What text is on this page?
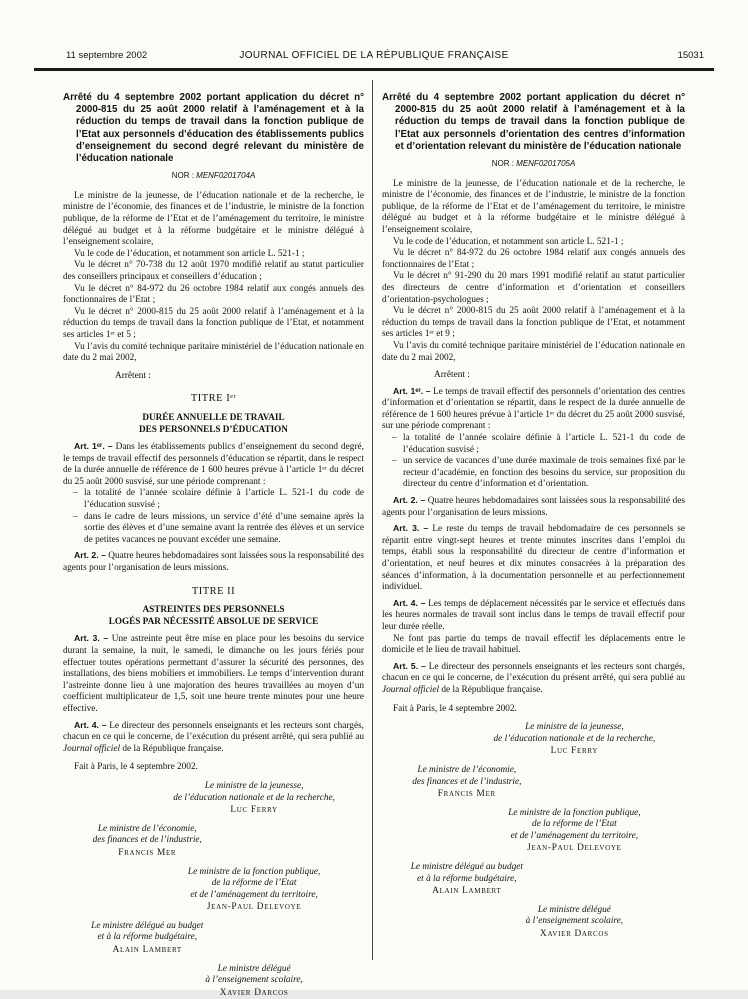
11 septembre 2002	JOURNAL OFFICIEL DE LA RÉPUBLIQUE FRANÇAISE	15031

Arrêté du 4 septembre 2002 portant application du décret n° 2000-815 du 25 août 2000 relatif à l’aménagement et à la réduction du temps de travail dans la fonction publique de l’Etat aux personnels d’éducation des établissements publics d’enseignement du second degré relevant du ministère de l’éducation nationale

NOR : MENF0201704A

Le ministre de la jeunesse, de l’éducation nationale et de la recherche, le ministre de l’économie, des finances et de l’industrie, le ministre de la fonction publique, de la réforme de l’Etat et de l’aménagement du territoire, le ministre délégué au budget et à la réforme budgétaire et le ministre délégué à l’enseignement scolaire,

Vu le code de l’éducation, et notamment son article L. 521-1 ;

Vu le décret n° 70-738 du 12 août 1970 modifié relatif au statut particulier des conseillers principaux et conseillers d’éducation ;

Vu le décret n° 84-972 du 26 octobre 1984 relatif aux congés annuels des fonctionnaires de l’Etat ;

Vu le décret n° 2000-815 du 25 août 2000 relatif à l’aménagement et à la réduction du temps de travail dans la fonction publique de l’Etat, et notamment ses articles 1ᵉʳ et 5 ;

Vu l’avis du comité technique paritaire ministériel de l’éducation nationale en date du 2 mai 2002,

Arrêtent :

TITRE Iᵉʳ
DURÉE ANNUELLE DE TRAVAIL
DES PERSONNELS D’ÉDUCATION

Art. 1ᵉʳ. – Dans les établissements publics d’enseignement du second degré, le temps de travail effectif des personnels d’éducation se répartit, dans le respect de la durée annuelle de référence de 1 600 heures prévue à l’article 1ᵉʳ du décret du 25 août 2000 susvisé, sur une période comprenant :

– la totalité de l’année scolaire définie à l’article L. 521-1 du code de l’éducation susvisé ;
– dans le cadre de leurs missions, un service d’été d’une semaine après la sortie des élèves et d’une semaine avant la rentrée des élèves et un service de petites vacances ne pouvant excéder une semaine.

Art. 2. – Quatre heures hebdomadaires sont laissées sous la responsabilité des agents pour l’organisation de leurs missions.

TITRE II
ASTREINTES DES PERSONNELS
LOGÉS PAR NÉCESSITÉ ABSOLUE DE SERVICE

Art. 3. – Une astreinte peut être mise en place pour les besoins du service durant la semaine, la nuit, le samedi, le dimanche ou les jours fériés pour effectuer toutes opérations permettant d’assurer la sécurité des personnes, des installations, des biens mobiliers et immobiliers. Le temps d’intervention durant l’astreinte donne lieu à une majoration des heures travaillées au moyen d’un coefficient multiplicateur de 1,5, soit une heure trente minutes pour une heure effective.

Art. 4. – Le directeur des personnels enseignants et les recteurs sont chargés, chacun en ce qui le concerne, de l’exécution du présent arrêté, qui sera publié au Journal officiel de la République française.

Fait à Paris, le 4 septembre 2002.

Le ministre de la jeunesse,
de l’éducation nationale et de la recherche,
Luc Ferry
Le ministre de l’économie,
des finances et de l’industrie,
Francis Mer
Le ministre de la fonction publique,
de la réforme de l’Etat
et de l’aménagement du territoire,
Jean-Paul Delevoye
Le ministre délégué au budget
et à la réforme budgétaire,
Alain Lambert
Le ministre délégué
à l’enseignement scolaire,
Xavier Darcos

Arrêté du 4 septembre 2002 portant application du décret n° 2000-815 du 25 août 2000 relatif à l’aménagement et à la réduction du temps de travail dans la fonction publique de l’Etat aux personnels d’orientation des centres d’information et d’orientation relevant du ministère de l’éducation nationale

NOR : MENF0201705A

Le ministre de la jeunesse, de l’éducation nationale et de la recherche, le ministre de l’économie, des finances et de l’industrie, le ministre de la fonction publique, de la réforme de l’Etat et de l’aménagement du territoire, le ministre délégué au budget et à la réforme budgétaire et le ministre délégué à l’enseignement scolaire,

Vu le code de l’éducation, et notamment son article L. 521-1 ;

Vu le décret n° 84-972 du 26 octobre 1984 relatif aux congés annuels des fonctionnaires de l’Etat ;

Vu le décret n° 91-290 du 20 mars 1991 modifié relatif au statut particulier des directeurs de centre d’information et d’orientation et conseillers d’orientation-psychologues ;

Vu le décret n° 2000-815 du 25 août 2000 relatif à l’aménagement et à la réduction du temps de travail dans la fonction publique de l’Etat, et notamment ses articles 1ᵉʳ et 9 ;

Vu l’avis du comité technique paritaire ministériel de l’éducation nationale en date du 2 mai 2002,

Arrêtent :

Art. 1ᵉʳ. – Le temps de travail effectif des personnels d’orientation des centres d’information et d’orientation se répartit, dans le respect de la durée annuelle de référence de 1 600 heures prévue à l’article 1ᵉʳ du décret du 25 août 2000 susvisé, sur une période comprenant :

– la totalité de l’année scolaire définie à l’article L. 521-1 du code de l’éducation susvisé ;
– un service de vacances d’une durée maximale de trois semaines fixé par le recteur d’académie, en fonction des besoins du service, sur proposition du directeur du centre d’information et d’orientation.

Art. 2. – Quatre heures hebdomadaires sont laissées sous la responsabilité des agents pour l’organisation de leurs missions.

Art. 3. – Le reste du temps de travail hebdomadaire de ces personnels se répartit entre vingt-sept heures et trente minutes inscrites dans l’emploi du temps, établi sous la responsabilité du directeur de centre d’information et d’orientation, et neuf heures et dix minutes consacrées à la préparation des séances d’information, à la documentation personnelle et au perfectionnement individuel.

Art. 4. – Les temps de déplacement nécessités par le service et effectués dans les heures normales de travail sont inclus dans le temps de travail effectif pour leur durée réelle.

Ne font pas partie du temps de travail effectif les déplacements entre le domicile et le lieu de travail habituel.

Art. 5. – Le directeur des personnels enseignants et les recteurs sont chargés, chacun en ce qui le concerne, de l’exécution du présent arrêté, qui sera publié au Journal officiel de la République française.

Fait à Paris, le 4 septembre 2002.

Le ministre de la jeunesse,
de l’éducation nationale et de la recherche,
Luc Ferry
Le ministre de l’économie,
des finances et de l’industrie,
Francis Mer
Le ministre de la fonction publique,
de la réforme de l’Etat
et de l’aménagement du territoire,
Jean-Paul Delevoye
Le ministre délégué au budget
et à la réforme budgétaire,
Alain Lambert
Le ministre délégué
à l’enseignement scolaire,
Xavier Darcos
